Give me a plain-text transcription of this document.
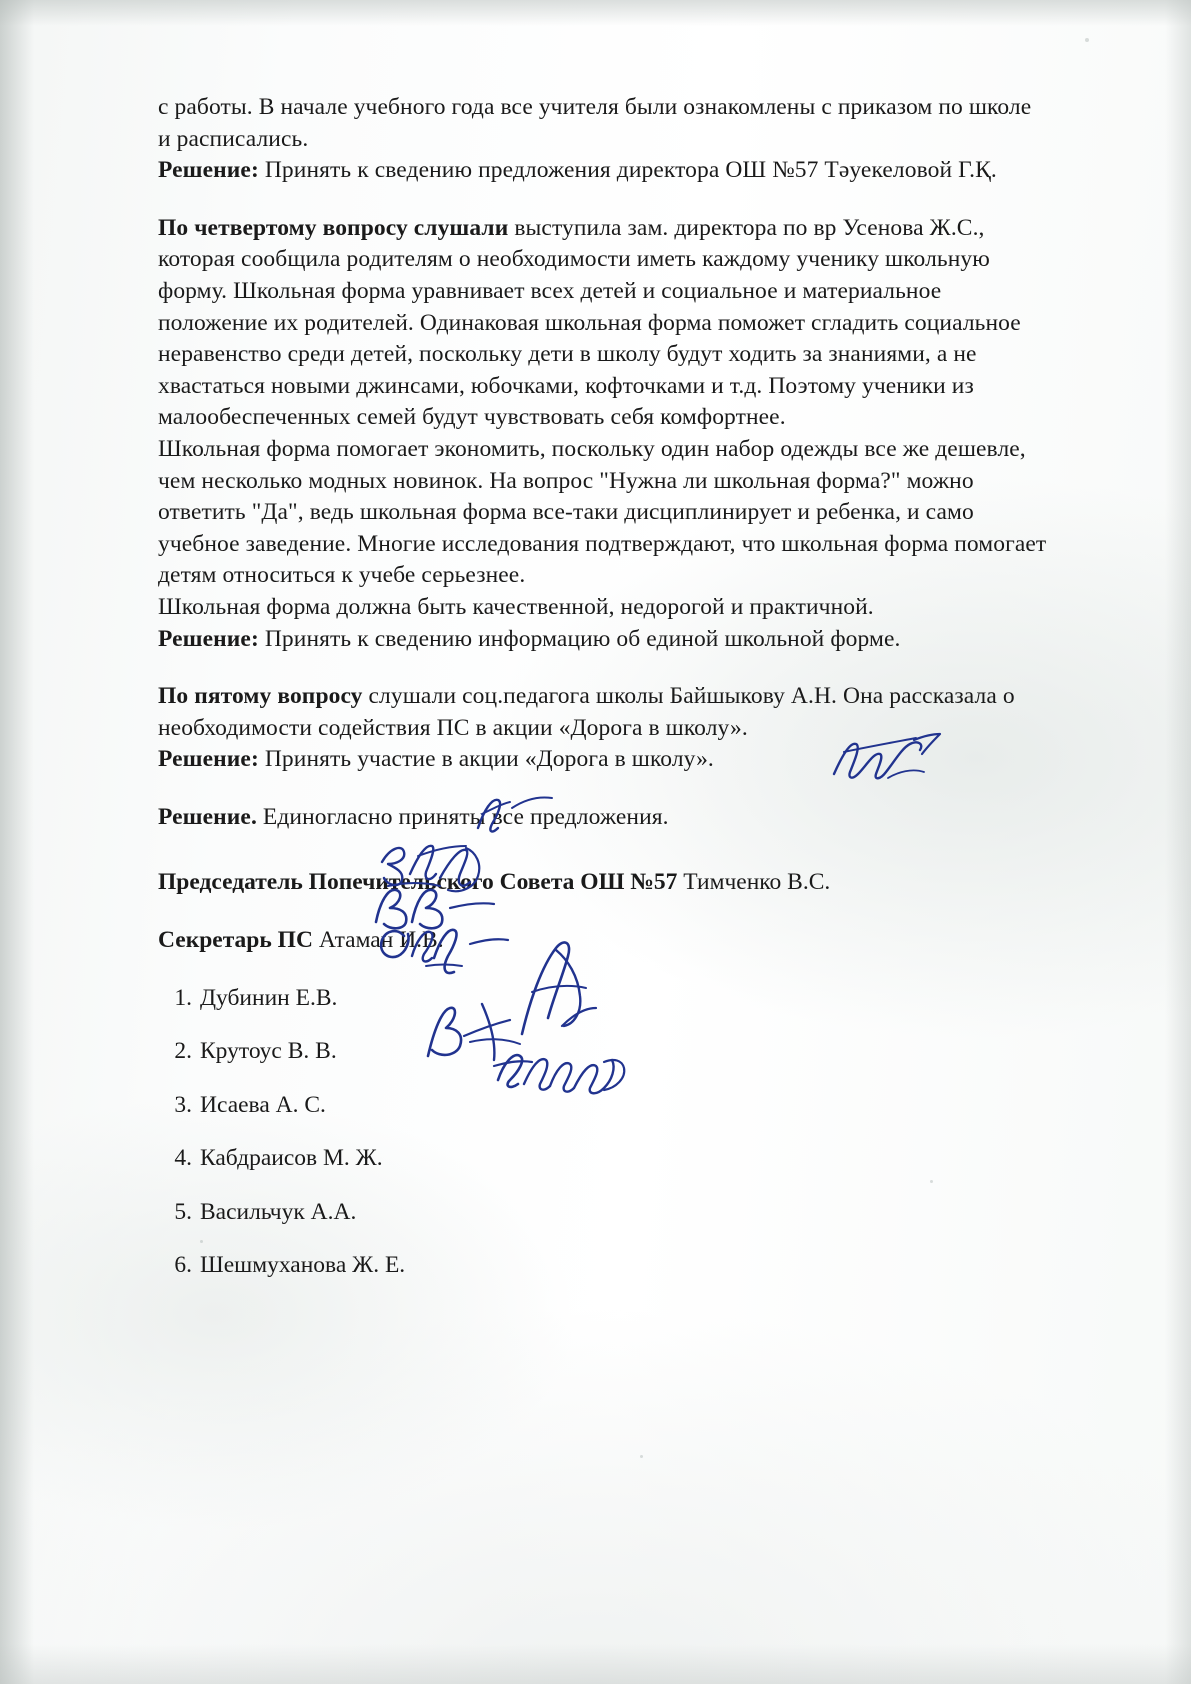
с работы. В начале учебного года все учителя были ознакомлены с приказом по школе и расписались.

Решение: Принять к сведению предложения директора ОШ №57 Тәуекеловой Г.Қ.

По четвертому вопросу слушали выступила зам. директора по вр Усенова Ж.С., которая сообщила родителям о необходимости иметь каждому ученику школьную форму. Школьная форма уравнивает всех детей и социальное и материальное положение их родителей. Одинаковая школьная форма поможет сгладить социальное неравенство среди детей, поскольку дети в школу будут ходить за знаниями, а не хвастаться новыми джинсами, юбочками, кофточками и т.д. Поэтому ученики из малообеспеченных семей будут чувствовать себя комфортнее.

Школьная форма помогает экономить, поскольку один набор одежды все же дешевле, чем несколько модных новинок. На вопрос "Нужна ли школьная форма?" можно ответить "Да", ведь школьная форма все-таки дисциплинирует и ребенка, и само учебное заведение. Многие исследования подтверждают, что школьная форма помогает детям относиться к учебе серьезнее.

Школьная форма должна быть качественной, недорогой и практичной.

Решение: Принять к сведению информацию об единой школьной форме.

По пятому вопросу слушали соц.педагога школы Байшыкову А.Н. Она рассказала о необходимости содействия ПС в акции «Дорога в школу».

Решение: Принять участие в акции «Дорога в школу».

Решение. Единогласно приняты все предложения.

Председатель Попечительского Совета ОШ №57 Тимченко В.С.
Секретарь ПС Атаман И.В.
1. Дубинин Е.В.
2. Крутоус В. В.
3. Исаева А. С.
4. Кабдраисов М. Ж.
5. Васильчук А.А.
6. Шешмуханова Ж. Е.
